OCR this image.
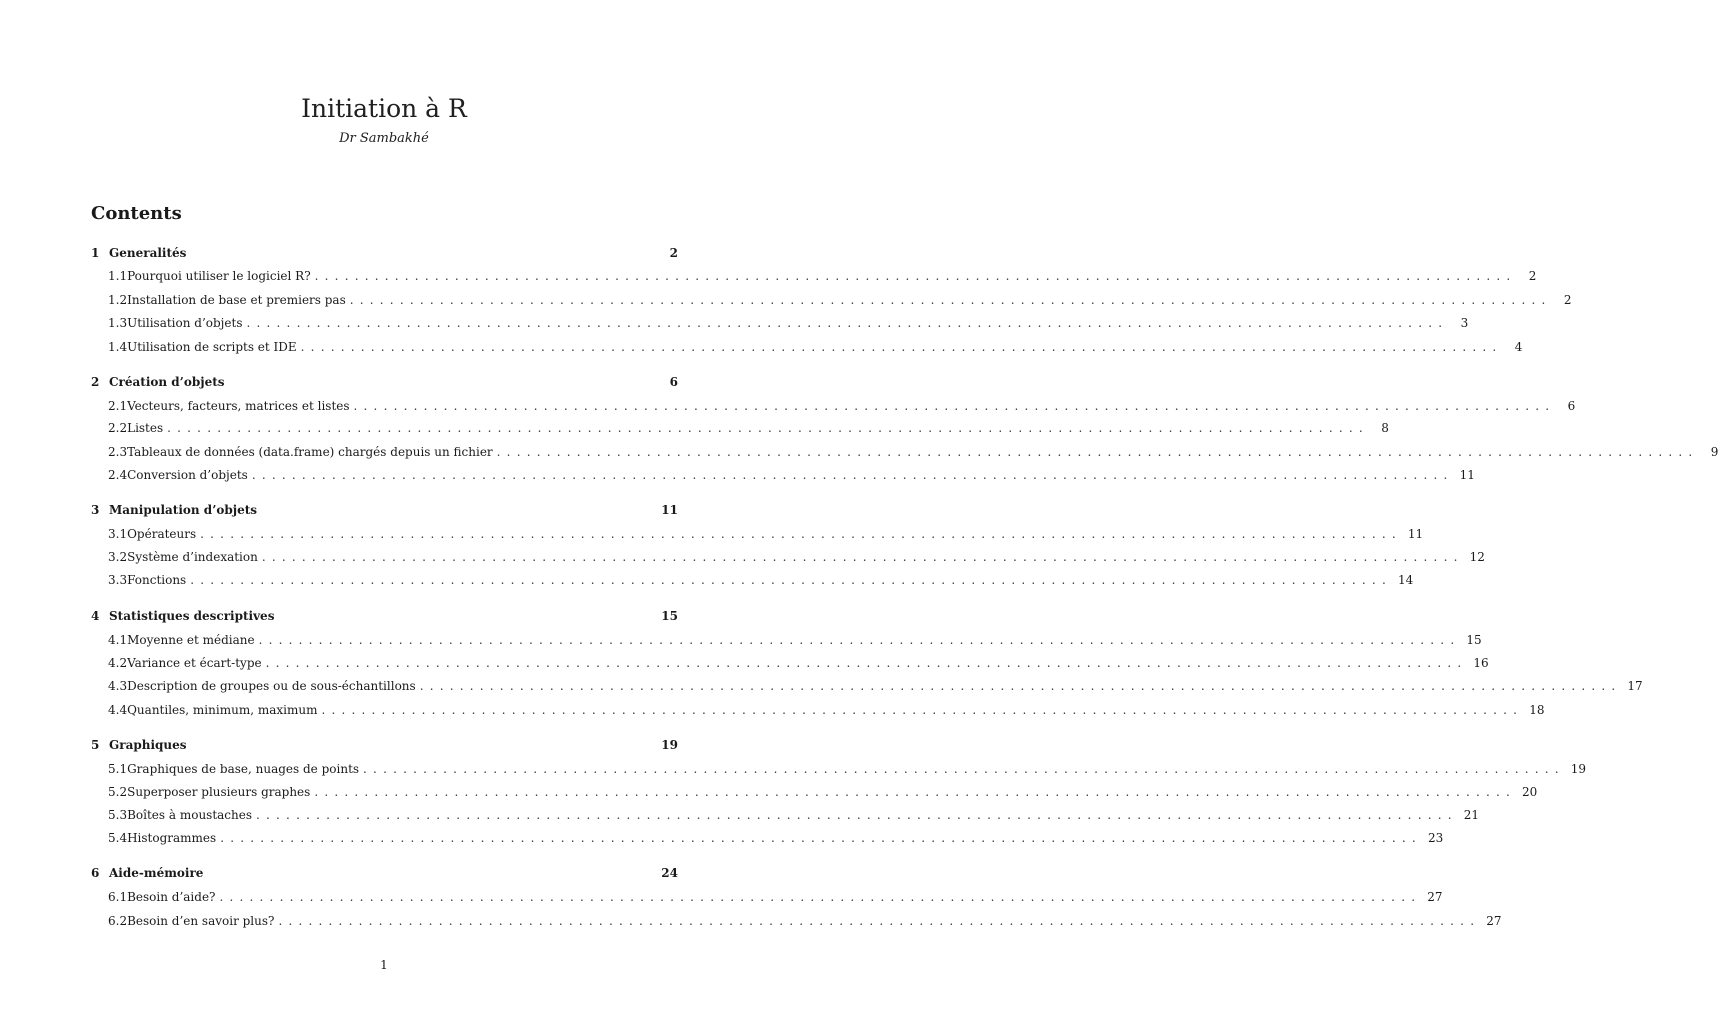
Initiation à R
Dr Sambakhé
Contents
1 Generalités	2
1.1 Pourquoi utiliser le logiciel R? ........................................................................................................................	2
1.2 Installation de base et premiers pas ........................................................................................................................	2
1.3 Utilisation d’objets ........................................................................................................................	3
1.4 Utilisation de scripts et IDE ........................................................................................................................	4
2 Création d’objets	6
2.1 Vecteurs, facteurs, matrices et listes ........................................................................................................................	6
2.2 Listes ........................................................................................................................	8
2.3 Tableaux de données (data.frame) chargés depuis un fichier ........................................................................................................................	9
2.4 Conversion d’objets ........................................................................................................................ 11
3 Manipulation d’objets	11
3.1 Opérateurs ........................................................................................................................ 11
3.2 Système d’indexation ........................................................................................................................ 12
3.3 Fonctions ........................................................................................................................ 14
4 Statistiques descriptives	15
4.1 Moyenne et médiane ........................................................................................................................ 15
4.2 Variance et écart-type ........................................................................................................................ 16
4.3 Description de groupes ou de sous-échantillons ........................................................................................................................ 17
4.4 Quantiles, minimum, maximum ........................................................................................................................ 18
5 Graphiques	19
5.1 Graphiques de base, nuages de points ........................................................................................................................ 19
5.2 Superposer plusieurs graphes ........................................................................................................................ 20
5.3 Boîtes à moustaches ........................................................................................................................ 21
5.4 Histogrammes ........................................................................................................................ 23
6 Aide-mémoire	24
6.1 Besoin d’aide? ........................................................................................................................ 27
6.2 Besoin d’en savoir plus? ........................................................................................................................ 27
1
